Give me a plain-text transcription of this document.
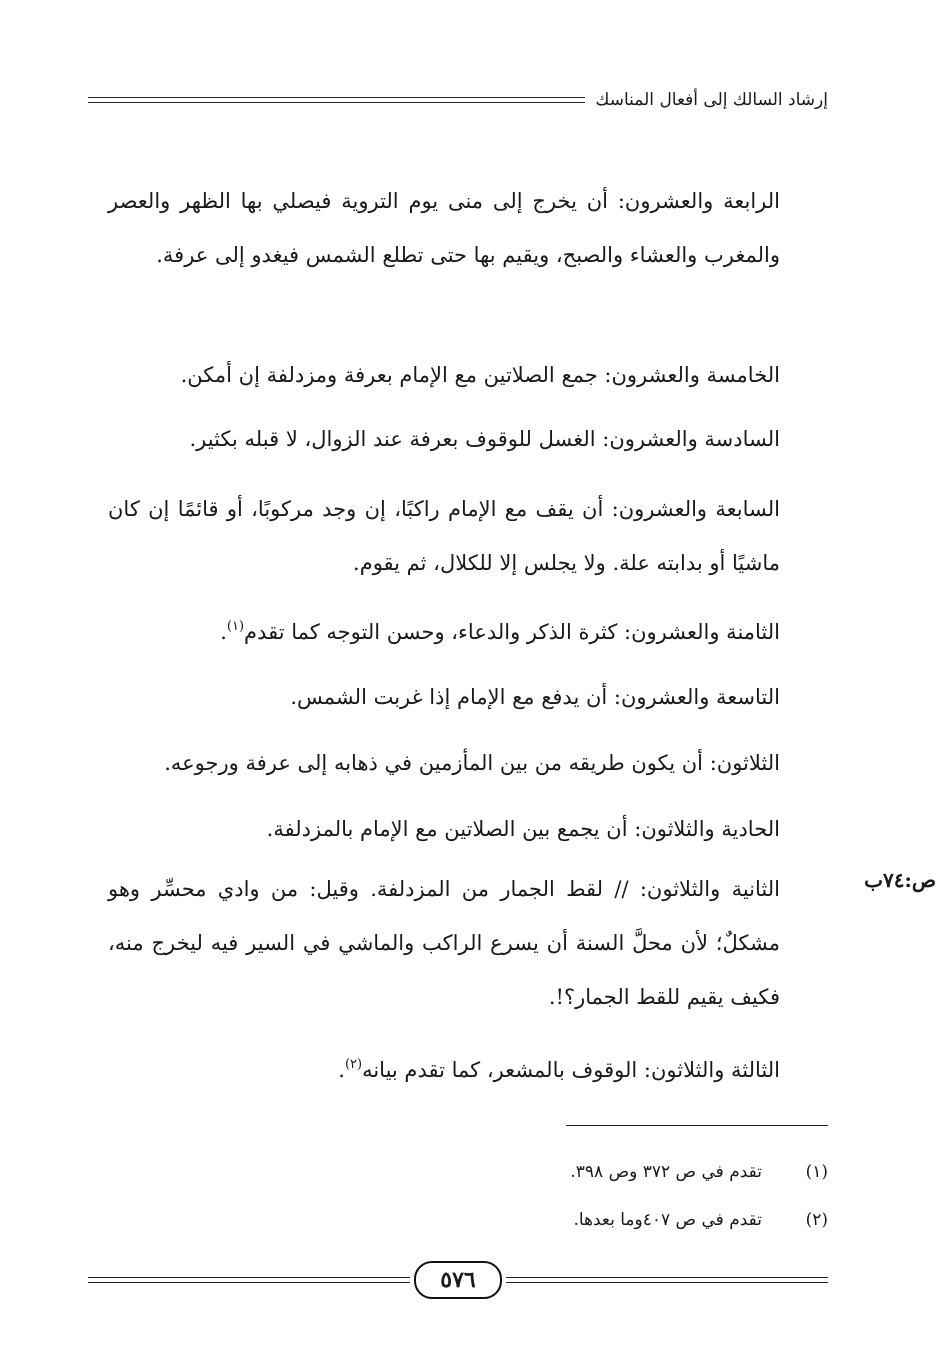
إرشاد السالك إلى أفعال المناسك

الرابعة والعشرون: أن يخرج إلى منى يوم التروية فيصلي بها الظهر والعصر والمغرب والعشاء والصبح، ويقيم بها حتى تطلع الشمس فيغدو إلى عرفة.

الخامسة والعشرون: جمع الصلاتين مع الإمام بعرفة ومزدلفة إن أمكن.

السادسة والعشرون: الغسل للوقوف بعرفة عند الزوال، لا قبله بكثير.

السابعة والعشرون: أن يقف مع الإمام راكبًا، إن وجد مركوبًا، أو قائمًا إن كان ماشيًا أو بدابته علة. ولا يجلس إلا للكلال، ثم يقوم.

الثامنة والعشرون: كثرة الذكر والدعاء، وحسن التوجه كما تقدم$^{(١)}$.

التاسعة والعشرون: أن يدفع مع الإمام إذا غربت الشمس.

الثلاثون: أن يكون طريقه من بين المأزمين في ذهابه إلى عرفة ورجوعه.

الحادية والثلاثون: أن يجمع بين الصلاتين مع الإمام بالمزدلفة.

الثانية والثلاثون: // لقط الجمار من المزدلفة. وقيل: من وادي محسِّر وهو مشكلٌ؛ لأن محلَّ السنة أن يسرع الراكب والماشي في السير فيه ليخرج منه، فكيف يقيم للقط الجمار؟!.

ص:٧٤ب

الثالثة والثلاثون: الوقوف بالمشعر، كما تقدم بيانه$^{(٢)}$.

(١)
تقدم في ص ٣٧٢ وص ٣٩٨.
(٢)
تقدم في ص ٤٠٧وما بعدها.
٥٧٦
